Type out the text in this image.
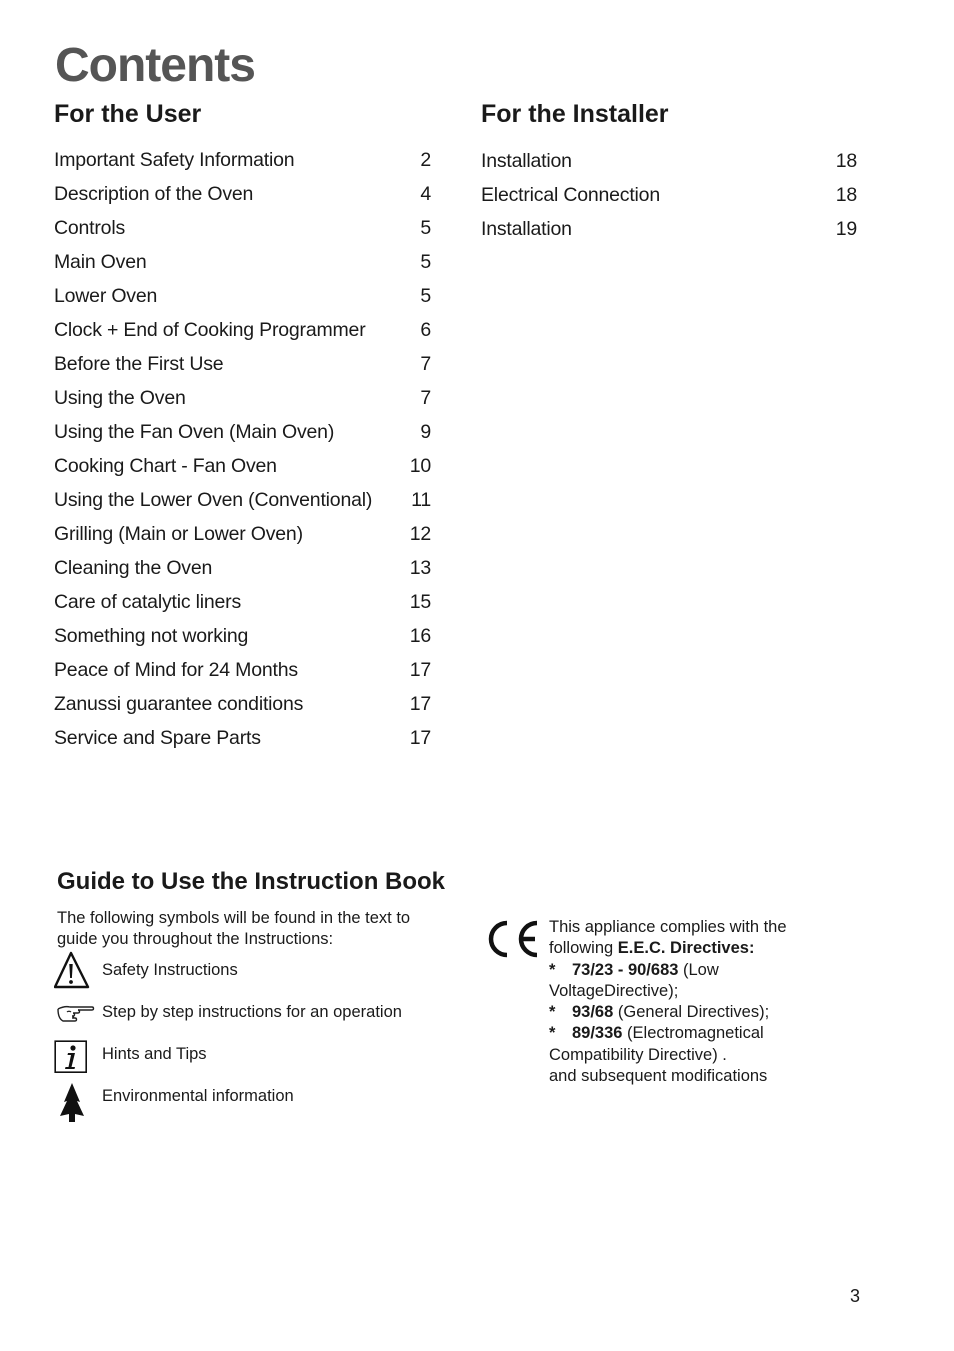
Contents
For the User	For the Installer
Important Safety Information	2
Description of the Oven	4
Controls	5
Main Oven	5
Lower Oven	5
Clock + End of Cooking Programmer	6
Before the First Use	7
Using the Oven	7
Using the Fan Oven (Main Oven)	9
Cooking Chart - Fan Oven	10
Using the Lower Oven (Conventional) 11
Grilling (Main or Lower Oven)	12
Cleaning the Oven	13
Care of catalytic liners	15
Something not working	16
Peace of Mind for 24 Months	17
Zanussi guarantee conditions	17
Service and Spare Parts	17
Installation	18
Electrical Connection	18
Installation	19
Guide to Use the Instruction Book
The following symbols will be found in the text to guide you throughout the Instructions:
Safety Instructions
Step by step instructions for an operation
Hints and Tips
Environmental information
This appliance complies with the
following E.E.C. Directives:
* 73/23 - 90/683 (Low
VoltageDirective);
* 93/68 (General Directives);
* 89/336 (Electromagnetical
Compatibility Directive) .
and subsequent modifications
3
